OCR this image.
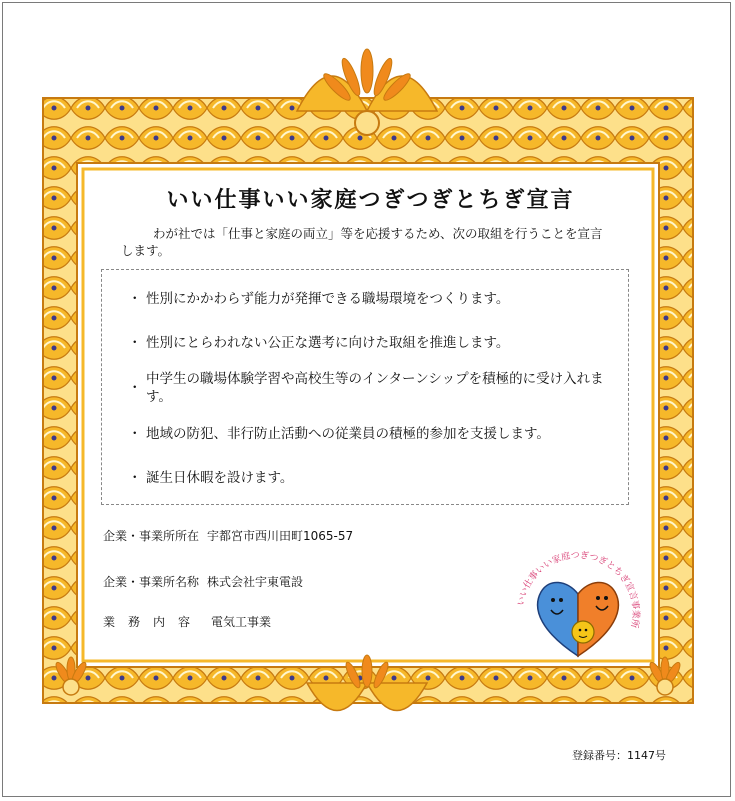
いい仕事いい家庭つぎつぎとちぎ宣言
わが社では「仕事と家庭の両立」等を応援するため、次の取組を行うことを宣言します。
・ 性別にかかわらず能力が発揮できる職場環境をつくります。
・ 性別にとらわれない公正な選考に向けた取組を推進します。
・
中学生の職場体験学習や高校生等のインターンシップを積極的に受け入れます。
・ 地域の防犯、非行防止活動への従業員の積極的参加を支援します。
・ 誕生日休暇を設けます。
企業・事業所所在 宇都宮市西川田町1065-57
企業・事業所名称 株式会社宇東電設
業務内容 電気工事業
いい仕事いい家庭つぎつぎとちぎ宣言事業所
登録番号：1147号
